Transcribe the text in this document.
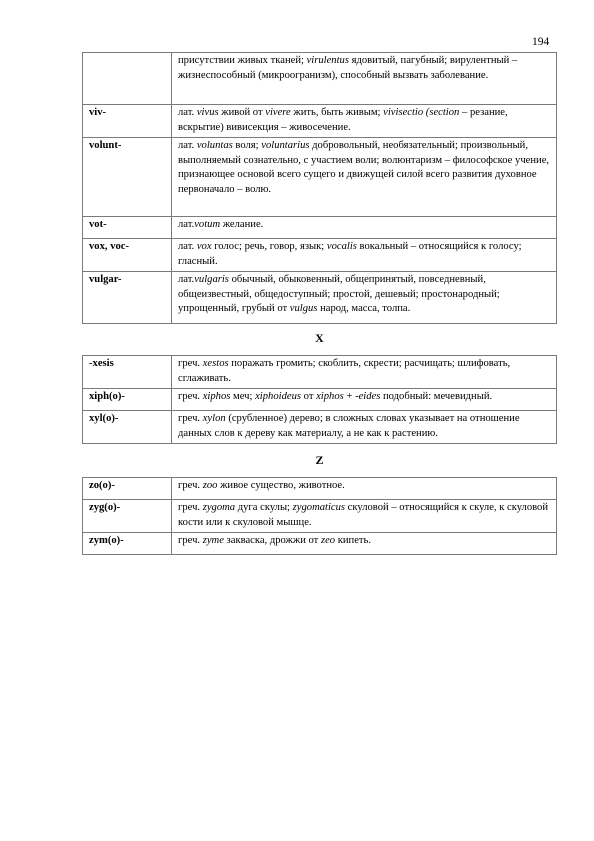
194
	присутствии живых тканей; virulentus ядовитый, пагубный; вирулентный – жизнеспособный (микроогранизм), способный вызвать заболевание.
viv-	лат. vivus живой от vivere жить, быть живым; vivisectio (section – резание, вскрытие) вивисекция – живосечение.
volunt-	лат. voluntas воля; voluntarius добровольный, необязательный; произвольный, выполняемый сознательно, с участием воли; волюнтаризм – философское учение, признающее основой всего сущего и движущей силой всего развития духовное первоначало – волю.
vot-	лат.votum желание.
vox, voc-	лат. vox голос; речь, говор, язык; vocalis вокальный – относящийся к голосу; гласный.
vulgar-	лат.vulgaris обычный, обыковенный, общепринятый, повседневный, общеизвестный, общедоступный; простой, дешевый; простонародный; упрощенный, грубый от vulgus народ, масса, толпа.
X
-xesis	греч. xestos поражать громить; скоблить, скрести; расчищать; шлифовать, сглаживать.
xiph(o)-	греч. xiphos меч; xiphoideus от xiphos + -eides подобный: мечевидный.
xyl(o)-	греч. xylon (срубленное) дерево; в сложных словах указывает на отношение данных слов к дереву как материалу, а не как к растению.
Z
zo(o)-	греч. zoo живое существо, животное.
zyg(o)-	греч. zygoma дуга скулы; zygomaticus скуловой – относящийся к скуле, к скуловой кости или к скуловой мышце.
zym(o)-	греч. zyme закваска, дрожжи от zeo кипеть.
